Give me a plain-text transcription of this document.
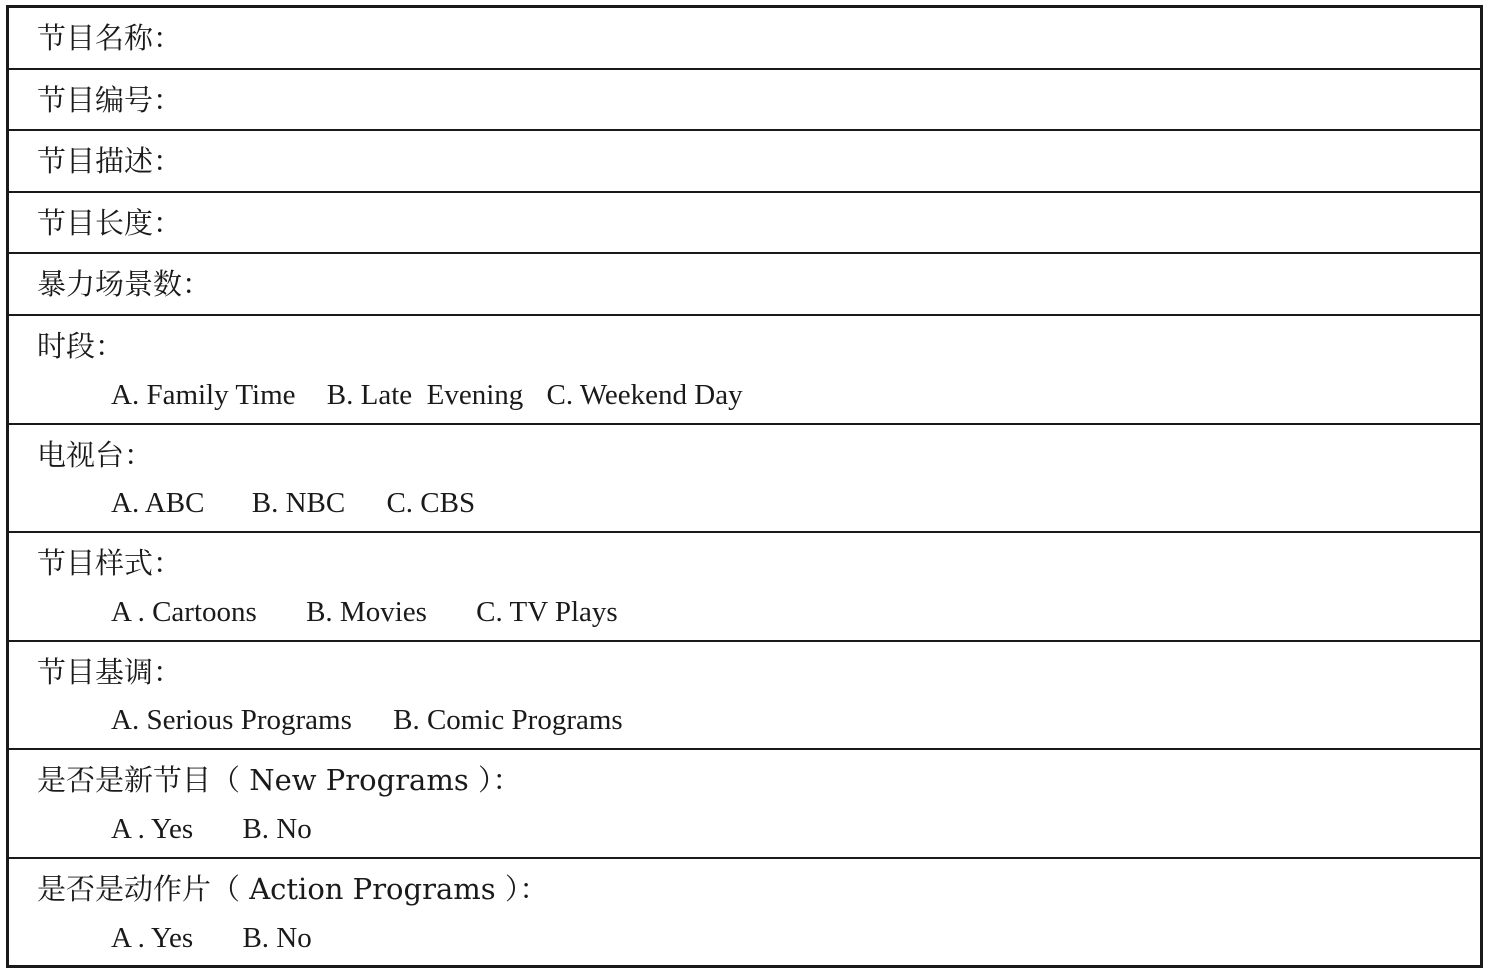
节目名称：
节目编号：
节目描述：
节目长度：
暴力场景数：
时段：
A. Family Time B. Late  Evening C. Weekend Day
电视台：
A. ABC B. NBC C. CBS
节目样式：
A . Cartoons B. Movies C. TV Plays
节目基调：
A. Serious Programs B. Comic Programs
是否是新节目（ New Programs ）：
A . Yes B. No
是否是动作片（ Action Programs ）：
A . Yes B. No
